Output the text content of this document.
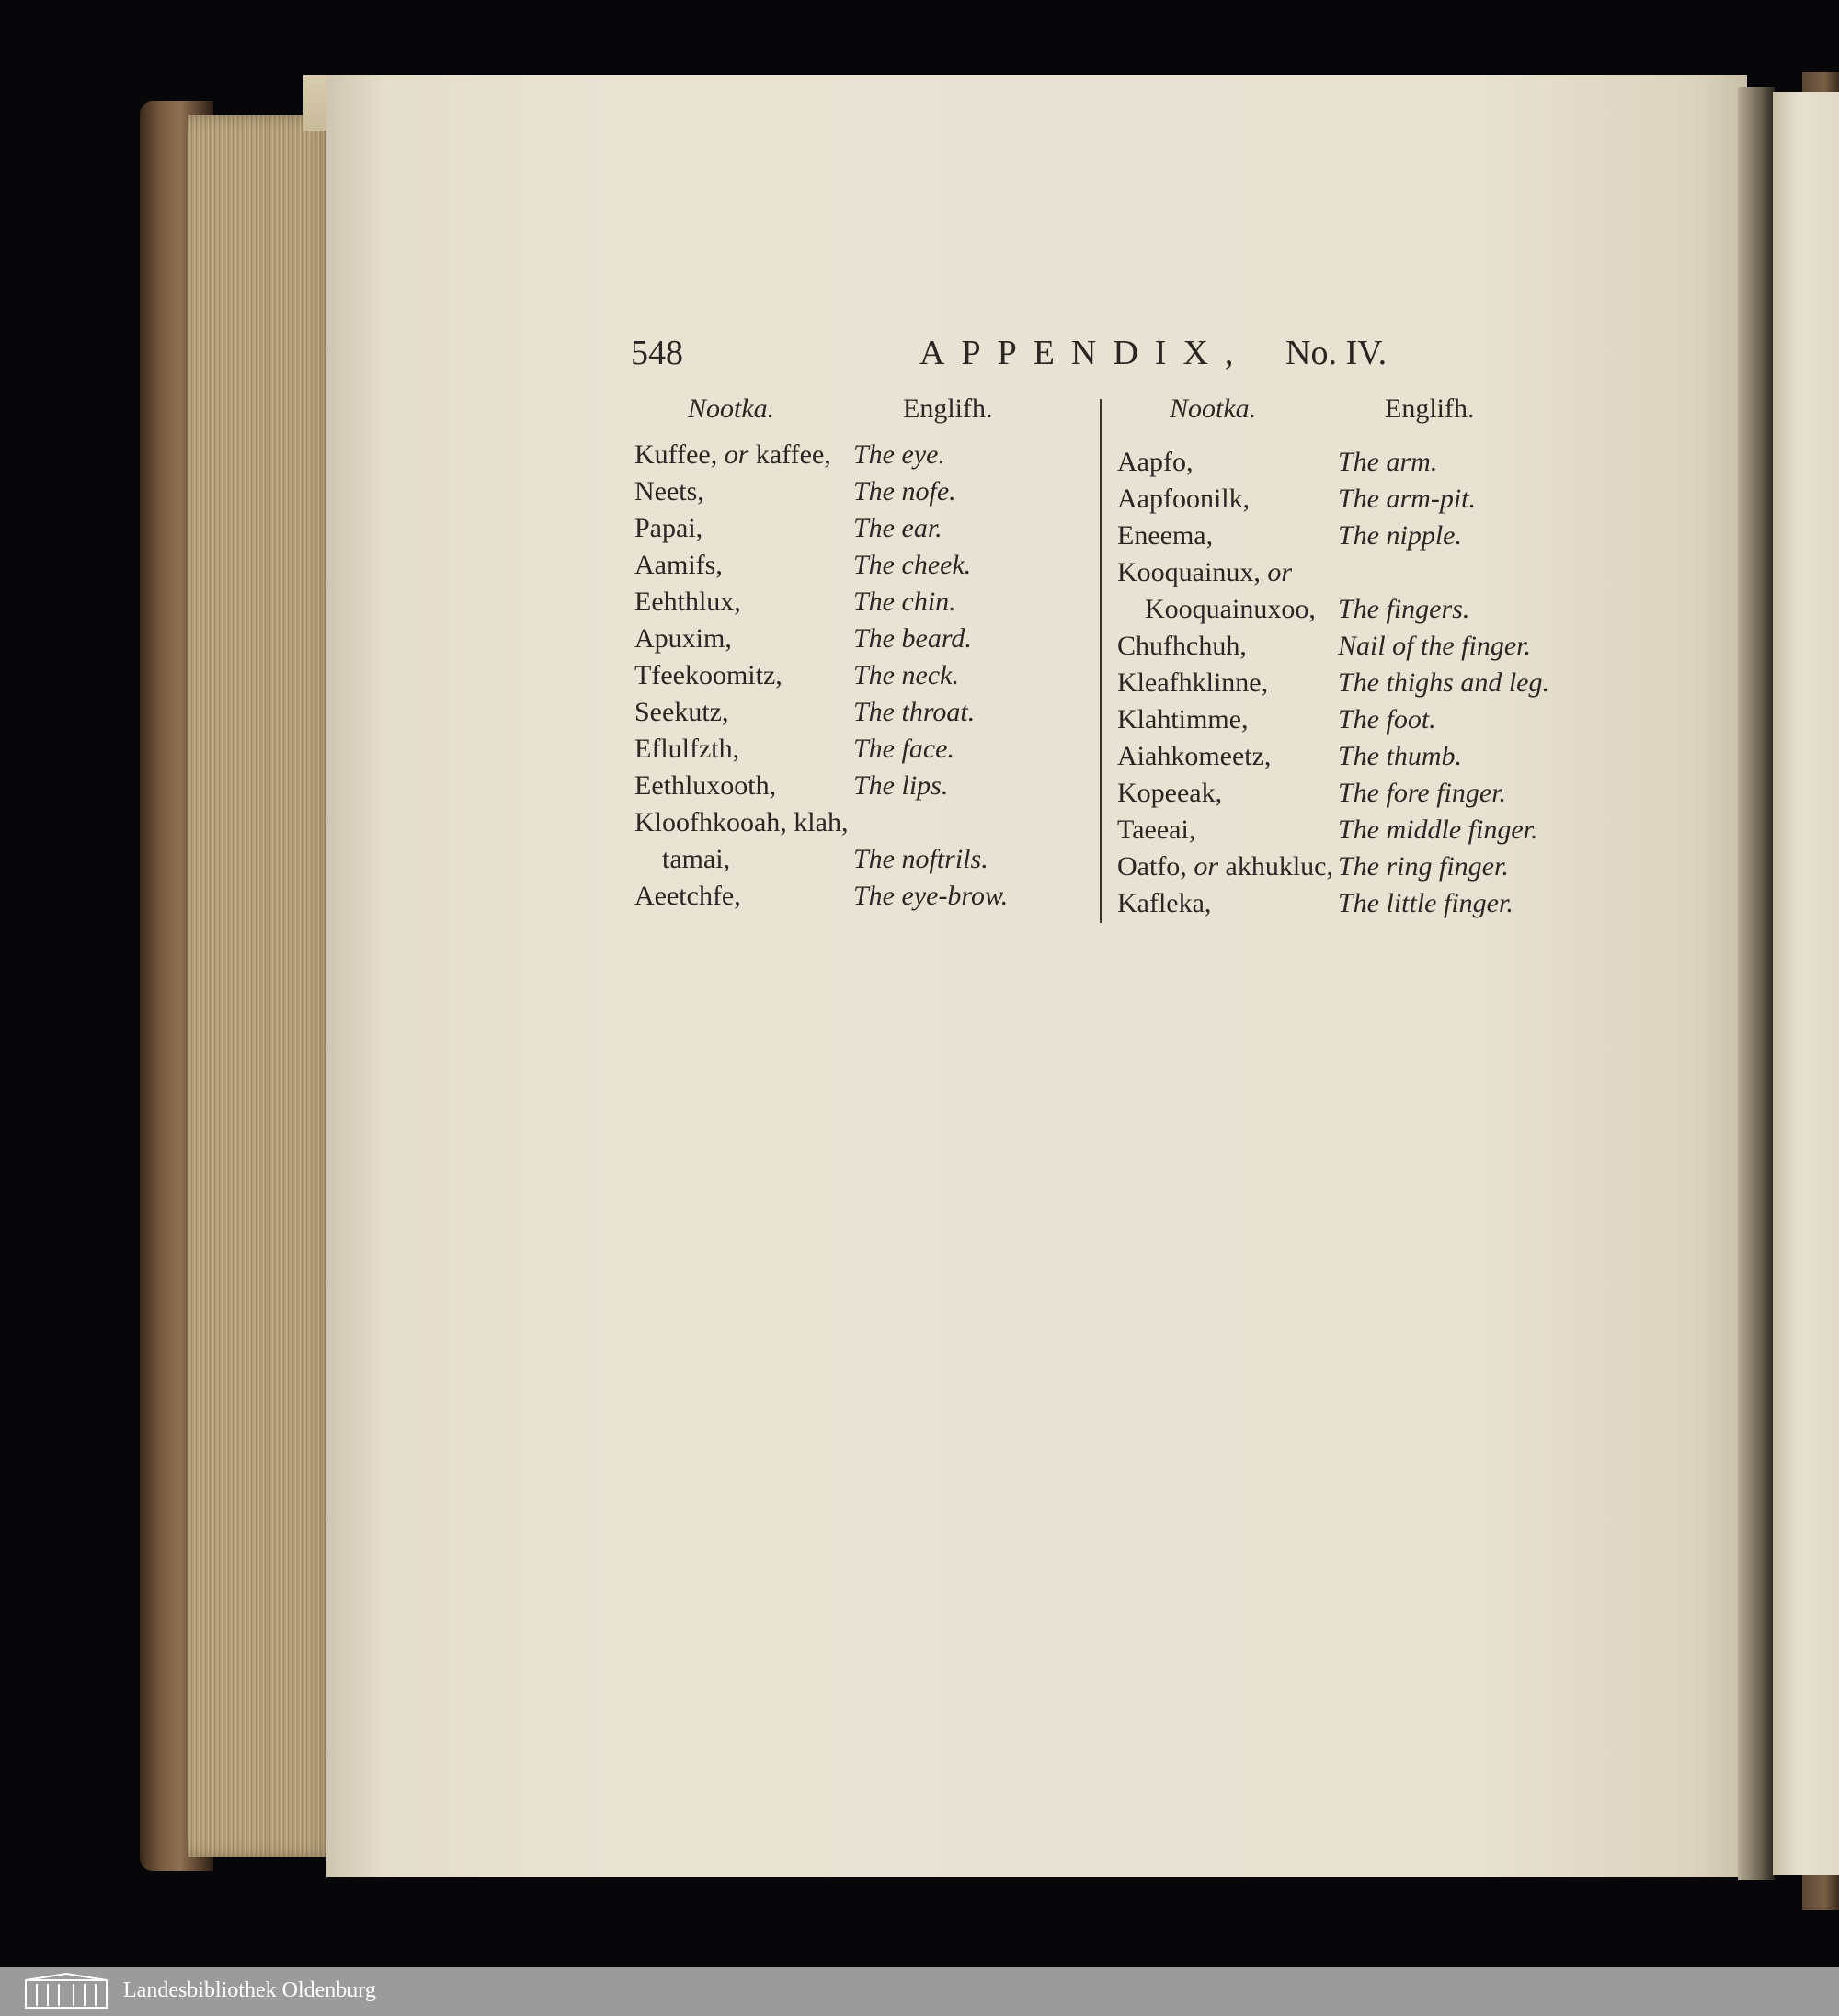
548	APPENDIX, No. IV.
Nootka.	Englifh.	Nootka.	Englifh.
Kuffee, or kaffee, The eye.
Neets,	The nofe.
Papai,	The ear.
Aamifs,	The cheek.
Eehthlux,	The chin.
Apuxim,	The beard.
Tfeekoomitz,	The neck.
Seekutz,	The throat.
Eflulfzth,	The face.
Eethluxooth,	The lips.
Kloofhkooah, klah,
tamai,	The noftrils.
Aeetchfe,	The eye-brow.
Aapfo,	The arm.
Aapfoonilk,	The arm-pit.
Eneema,	The nipple.
Kooquainux, or
Kooquainuxoo, The fingers.
Chufhchuh,	Nail of the finger.
Kleafhklinne,	The thighs and leg.
Klahtimme,	The foot.
Aiahkomeetz, The thumb.
Kopeeak,	The fore finger.
Taeeai,	The middle finger.
Oatfo, or akhukluc, The ring finger.
Kafleka,	The little finger.
Landesbibliothek Oldenburg
